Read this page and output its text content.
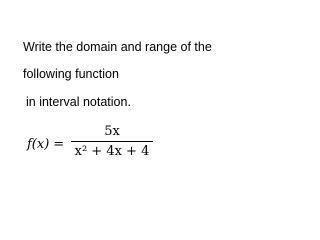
Write the domain and range of the
following function
in interval notation.
f(x) =
5x
x² + 4x + 4
